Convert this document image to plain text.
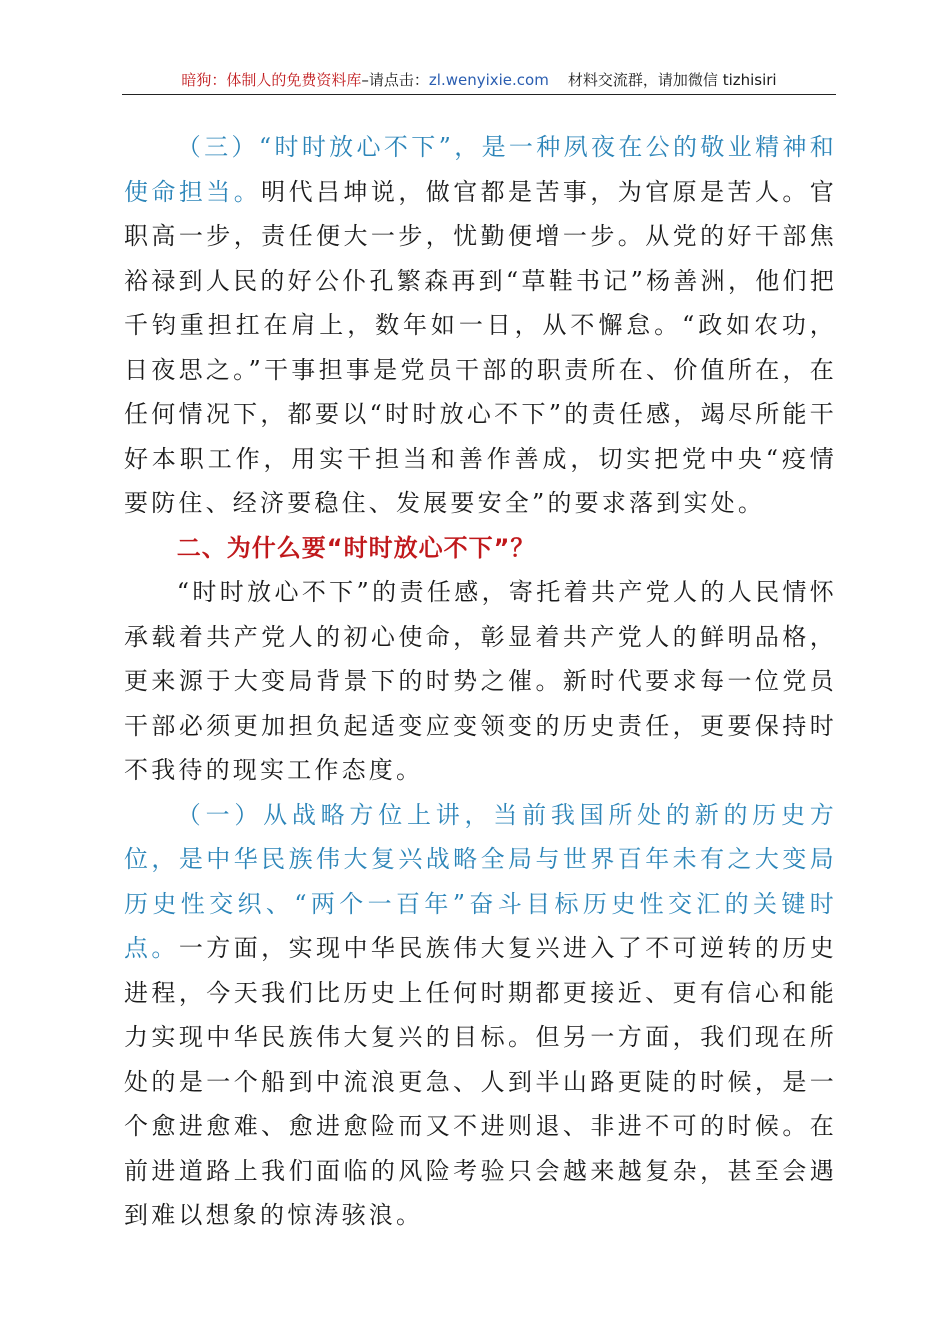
暗狗：体制人的免费资料库–请点击：zl.wenyixie.com 材料交流群，请加微信 tizhisiri

（三）“时时放心不下”，是一种夙夜在公的敬业精神和使命担当。明代吕坤说，做官都是苦事，为官原是苦人。官职高一步，责任便大一步，忧勤便增一步。从党的好干部焦裕禄到人民的好公仆孔繁森再到“草鞋书记”杨善洲，他们把千钧重担扛在肩上，数年如一日，从不懈怠。“政如农功，日夜思之。”干事担事是党员干部的职责所在、价值所在，在任何情况下，都要以“时时放心不下”的责任感，竭尽所能干好本职工作，用实干担当和善作善成，切实把党中央“疫情要防住、经济要稳住、发展要安全”的要求落到实处。

二、为什么要“时时放心不下”？

“时时放心不下”的责任感，寄托着共产党人的人民情怀承载着共产党人的初心使命，彰显着共产党人的鲜明品格，更来源于大变局背景下的时势之催。新时代要求每一位党员干部必须更加担负起适变应变领变的历史责任，更要保持时不我待的现实工作态度。

（一）从战略方位上讲，当前我国所处的新的历史方位，是中华民族伟大复兴战略全局与世界百年未有之大变局历史性交织、“两个一百年”奋斗目标历史性交汇的关键时点。一方面，实现中华民族伟大复兴进入了不可逆转的历史进程，今天我们比历史上任何时期都更接近、更有信心和能力实现中华民族伟大复兴的目标。但另一方面，我们现在所处的是一个船到中流浪更急、人到半山路更陡的时候，是一个愈进愈难、愈进愈险而又不进则退、非进不可的时候。在前进道路上我们面临的风险考验只会越来越复杂，甚至会遇到难以想象的惊涛骇浪。
